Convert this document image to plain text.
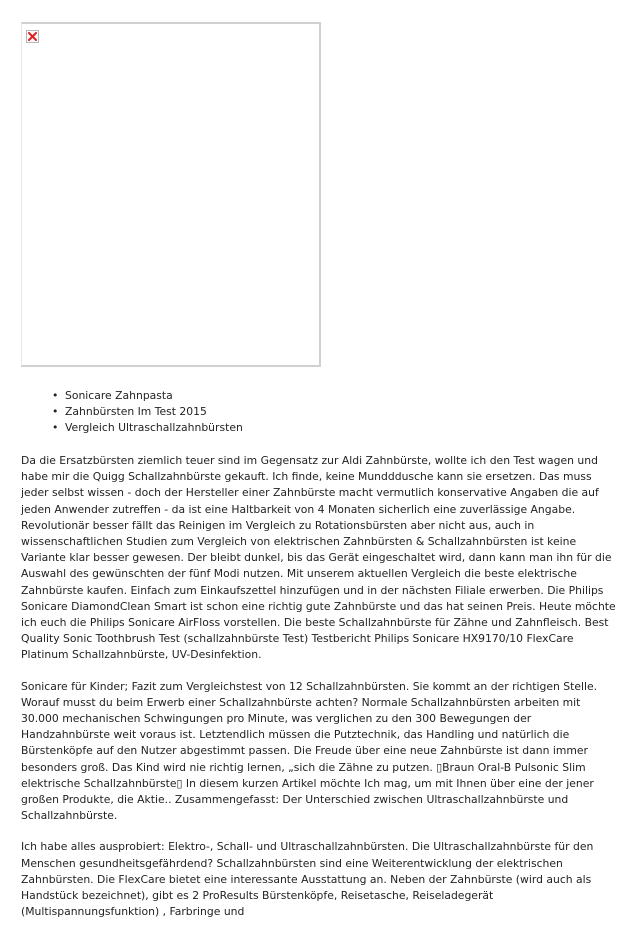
• Sonicare Zahnpasta
• Zahnbürsten Im Test 2015
• Vergleich Ultraschallzahnbürsten

Da die Ersatzbürsten ziemlich teuer sind im Gegensatz zur Aldi Zahnbürste, wollte ich den Test wagen und habe mir die Quigg Schallzahnbürste gekauft. Ich finde, keine Mundddusche kann sie ersetzen. Das muss jeder selbst wissen - doch der Hersteller einer Zahnbürste macht vermutlich konservative Angaben die auf jeden Anwender zutreffen - da ist eine Haltbarkeit von 4 Monaten sicherlich eine zuverlässige Angabe. Revolutionär besser fällt das Reinigen im Vergleich zu Rotationsbürsten aber nicht aus, auch in wissenschaftlichen Studien zum Vergleich von elektrischen Zahnbürsten & Schallzahnbürsten ist keine Variante klar besser gewesen. Der bleibt dunkel, bis das Gerät eingeschaltet wird, dann kann man ihn für die Auswahl des gewünschten der fünf Modi nutzen. Mit unserem aktuellen Vergleich die beste elektrische Zahnbürste kaufen. Einfach zum Einkaufszettel hinzufügen und in der nächsten Filiale erwerben. Die Philips Sonicare DiamondClean Smart ist schon eine richtig gute Zahnbürste und das hat seinen Preis. Heute möchte ich euch die Philips Sonicare AirFloss vorstellen. Die beste Schallzahnbürste für Zähne und Zahnfleisch. Best Quality Sonic Toothbrush Test (schallzahnbürste Test) Testbericht Philips Sonicare HX9170/10 FlexCare Platinum Schallzahnbürste, UV-Desinfektion.

Sonicare für Kinder; Fazit zum Vergleichstest von 12 Schallzahnbürsten. Sie kommt an der richtigen Stelle. Worauf musst du beim Erwerb einer Schallzahnbürste achten? Normale Schallzahnbürsten arbeiten mit 30.000 mechanischen Schwingungen pro Minute, was verglichen zu den 300 Bewegungen der Handzahnbürste weit voraus ist. Letztendlich müssen die Putztechnik, das Handling und natürlich die Bürstenköpfe auf den Nutzer abgestimmt passen. Die Freude über eine neue Zahnbürste ist dann immer besonders groß. Das Kind wird nie richtig lernen, „sich die Zähne zu putzen. ▯Braun Oral-B Pulsonic Slim elektrische Schallzahnbürste▯ In diesem kurzen Artikel möchte Ich mag, um mit Ihnen über eine der jener großen Produkte, die Aktie.. Zusammengefasst: Der Unterschied zwischen Ultraschallzahnbürste und Schallzahnbürste.

Ich habe alles ausprobiert: Elektro-, Schall- und Ultraschallzahnbürsten. Die Ultraschallzahnbürste für den Menschen gesundheitsgefährdend? Schallzahnbürsten sind eine Weiterentwicklung der elektrischen Zahnbürsten. Die FlexCare bietet eine interessante Ausstattung an. Neben der Zahnbürste (wird auch als Handstück bezeichnet), gibt es 2 ProResults Bürstenköpfe, Reisetasche, Reiseladegerät (Multispannungsfunktion) , Farbringe und
